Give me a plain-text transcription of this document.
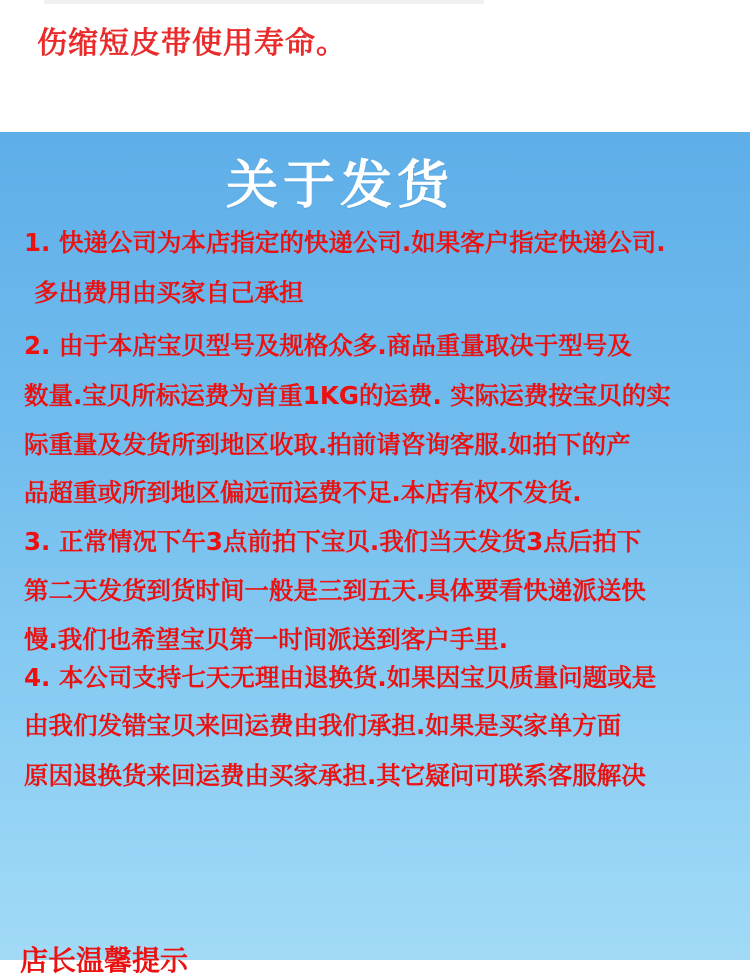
伤缩短皮带使用寿命。
关于发货
1. 快递公司为本店指定的快递公司.如果客户指定快递公司.
多出费用由买家自己承担
2. 由于本店宝贝型号及规格众多.商品重量取决于型号及
数量.宝贝所标运费为首重1KG的运费. 实际运费按宝贝的实
际重量及发货所到地区收取.拍前请咨询客服.如拍下的产
品超重或所到地区偏远而运费不足.本店有权不发货.
3. 正常情况下午3点前拍下宝贝.我们当天发货3点后拍下
第二天发货到货时间一般是三到五天.具体要看快递派送快
慢.我们也希望宝贝第一时间派送到客户手里.
4. 本公司支持七天无理由退换货.如果因宝贝质量问题或是
由我们发错宝贝来回运费由我们承担.如果是买家单方面
原因退换货来回运费由买家承担.其它疑问可联系客服解决
店长温馨提示
